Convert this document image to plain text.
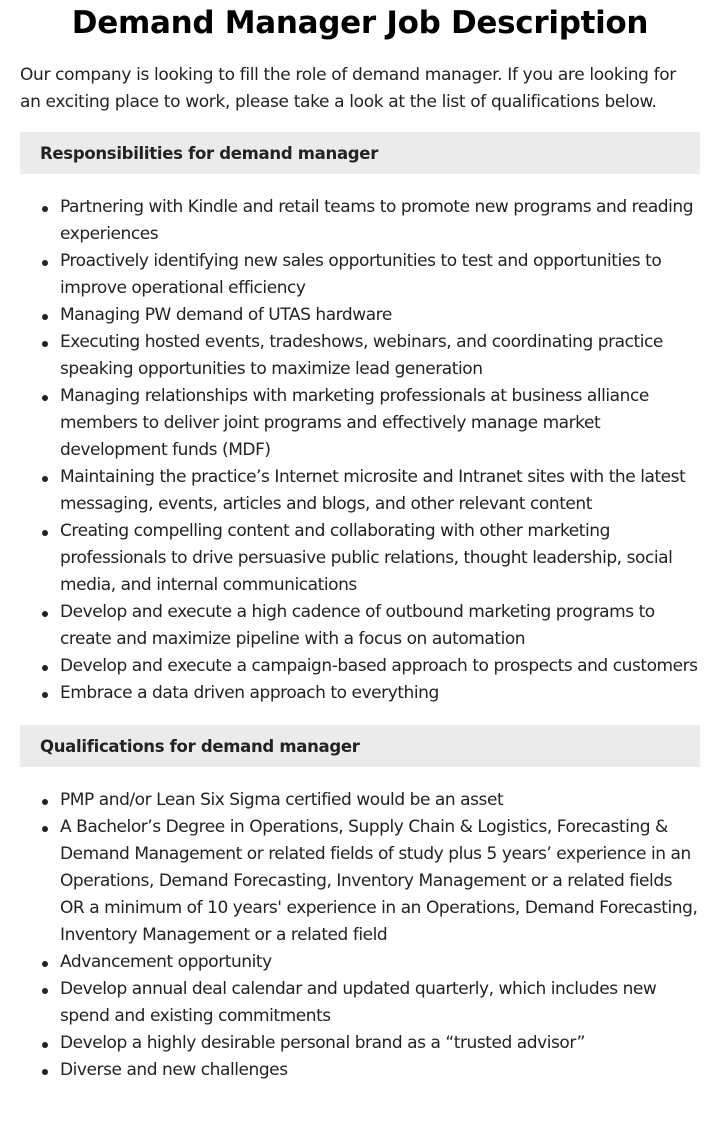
Demand Manager Job Description

Our company is looking to fill the role of demand manager. If you are looking for an exciting place to work, please take a look at the list of qualifications below.

Responsibilities for demand manager
Partnering with Kindle and retail teams to promote new programs and reading experiences
Proactively identifying new sales opportunities to test and opportunities to improve operational efficiency
Managing PW demand of UTAS hardware
Executing hosted events, tradeshows, webinars, and coordinating practice speaking opportunities to maximize lead generation
Managing relationships with marketing professionals at business alliance members to deliver joint programs and effectively manage market development funds (MDF)
Maintaining the practice’s Internet microsite and Intranet sites with the latest messaging, events, articles and blogs, and other relevant content
Creating compelling content and collaborating with other marketing professionals to drive persuasive public relations, thought leadership, social media, and internal communications
Develop and execute a high cadence of outbound marketing programs to create and maximize pipeline with a focus on automation
Develop and execute a campaign-based approach to prospects and customers
Embrace a data driven approach to everything
Qualifications for demand manager
PMP and/or Lean Six Sigma certified would be an asset
A Bachelor’s Degree in Operations, Supply Chain & Logistics, Forecasting & Demand Management or related fields of study plus 5 years’ experience in an Operations, Demand Forecasting, Inventory Management or a related fields OR a minimum of 10 years' experience in an Operations, Demand Forecasting, Inventory Management or a related field
Advancement opportunity
Develop annual deal calendar and updated quarterly, which includes new spend and existing commitments
Develop a highly desirable personal brand as a “trusted advisor”
Diverse and new challenges
